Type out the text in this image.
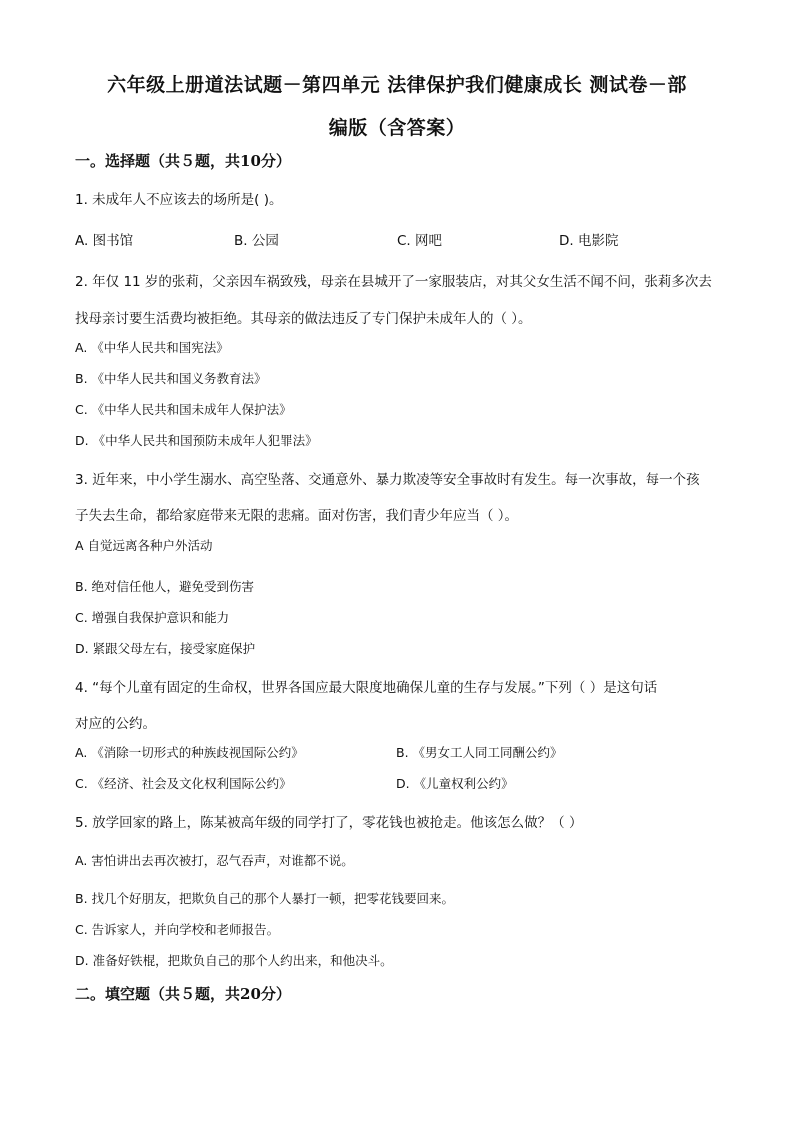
六年级上册道法试题－第四单元 法律保护我们健康成长 测试卷－部
编版（含答案）
一。选择题（共５题，共10分）
1. 未成年人不应该去的场所是( )。
A. 图书馆	B. 公园	C. 网吧	D. 电影院
2. 年仅 11 岁的张莉，父亲因车祸致残，母亲在县城开了一家服装店，对其父女生活不闻不问，张莉多次去
找母亲讨要生活费均被拒绝。其母亲的做法违反了专门保护未成年人的（ ）。
A. 《中华人民共和国宪法》
B. 《中华人民共和国义务教育法》
C. 《中华人民共和国未成年人保护法》
D. 《中华人民共和国预防未成年人犯罪法》
3. 近年来，中小学生溺水、高空坠落、交通意外、暴力欺凌等安全事故时有发生。每一次事故，每一个孩
子失去生命，都给家庭带来无限的悲痛。面对伤害，我们青少年应当（ ）。
A 自觉远离各种户外活动
B. 绝对信任他人，避免受到伤害
C. 增强自我保护意识和能力
D. 紧跟父母左右，接受家庭保护
4. “每个儿童有固定的生命权，世界各国应最大限度地确保儿童的生存与发展。”下列（ ）是这句话
对应的公约。
A. 《消除一切形式的种族歧视国际公约》	B. 《男女工人同工同酬公约》
C. 《经济、社会及文化权利国际公约》	D. 《儿童权利公约》
5. 放学回家的路上，陈某被高年级的同学打了，零花钱也被抢走。他该怎么做？（ ）
A. 害怕讲出去再次被打，忍气吞声，对谁都不说。
B. 找几个好朋友，把欺负自己的那个人暴打一顿，把零花钱要回来。
C. 告诉家人，并向学校和老师报告。
D. 准备好铁棍，把欺负自己的那个人约出来，和他决斗。
二。填空题（共５题，共20分）
